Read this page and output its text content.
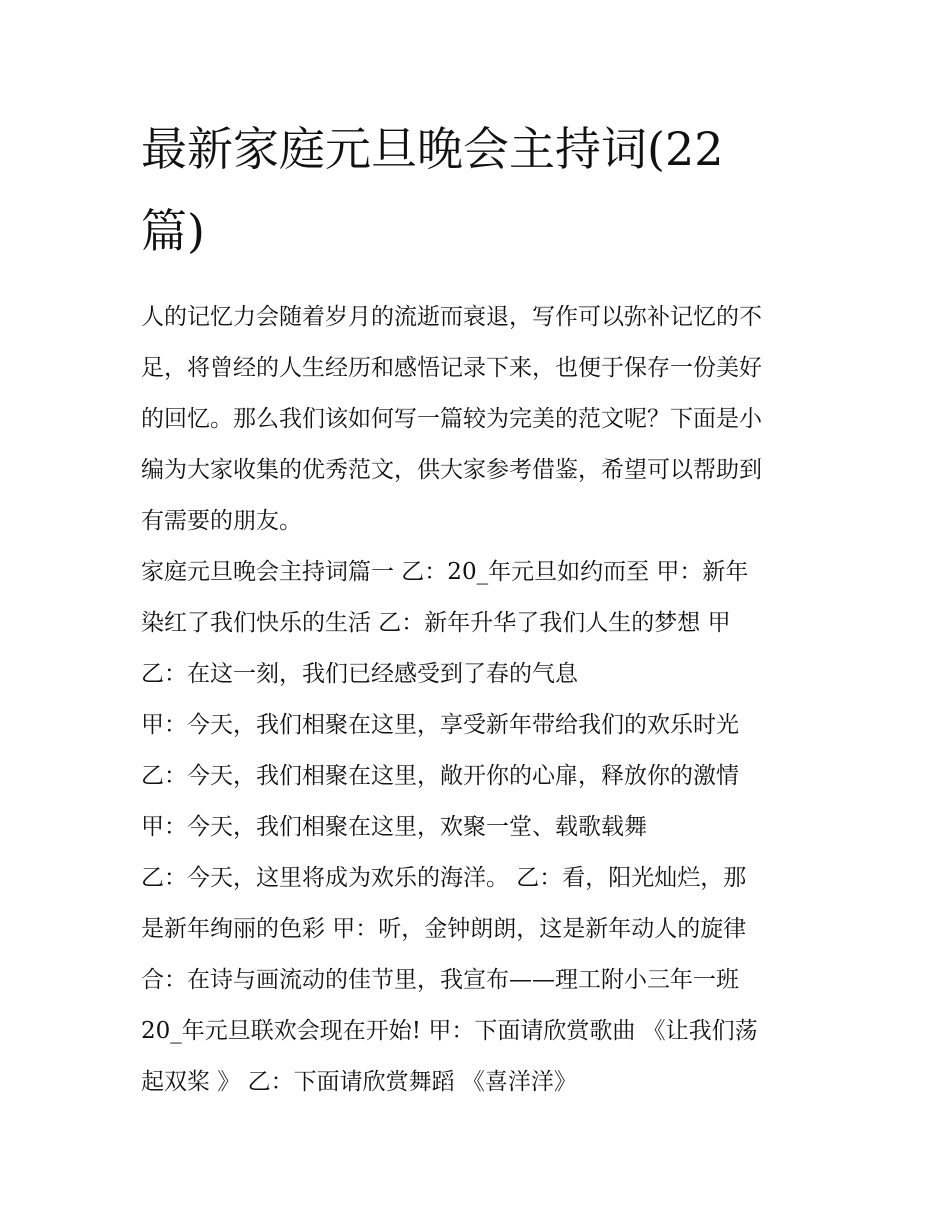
最新家庭元旦晚会主持词(22
篇)
人的记忆力会随着岁月的流逝而衰退，写作可以弥补记忆的不
足，将曾经的人生经历和感悟记录下来，也便于保存一份美好
的回忆。那么我们该如何写一篇较为完美的范文呢？下面是小
编为大家收集的优秀范文，供大家参考借鉴，希望可以帮助到
有需要的朋友。
家庭元旦晚会主持词篇一 乙：20_年元旦如约而至 甲：新年
染红了我们快乐的生活 乙：新年升华了我们人生的梦想 甲
乙：在这一刻，我们已经感受到了春的气息
甲：今天，我们相聚在这里，享受新年带给我们的欢乐时光
乙：今天，我们相聚在这里，敞开你的心扉，释放你的激情
甲：今天，我们相聚在这里，欢聚一堂、载歌载舞
乙：今天，这里将成为欢乐的海洋。 乙：看，阳光灿烂，那
是新年绚丽的色彩 甲：听，金钟朗朗，这是新年动人的旋律
合：在诗与画流动的佳节里，我宣布——理工附小三年一班
20_年元旦联欢会现在开始! 甲：下面请欣赏歌曲 《让我们荡
起双桨 》 乙：下面请欣赏舞蹈 《喜洋洋》
